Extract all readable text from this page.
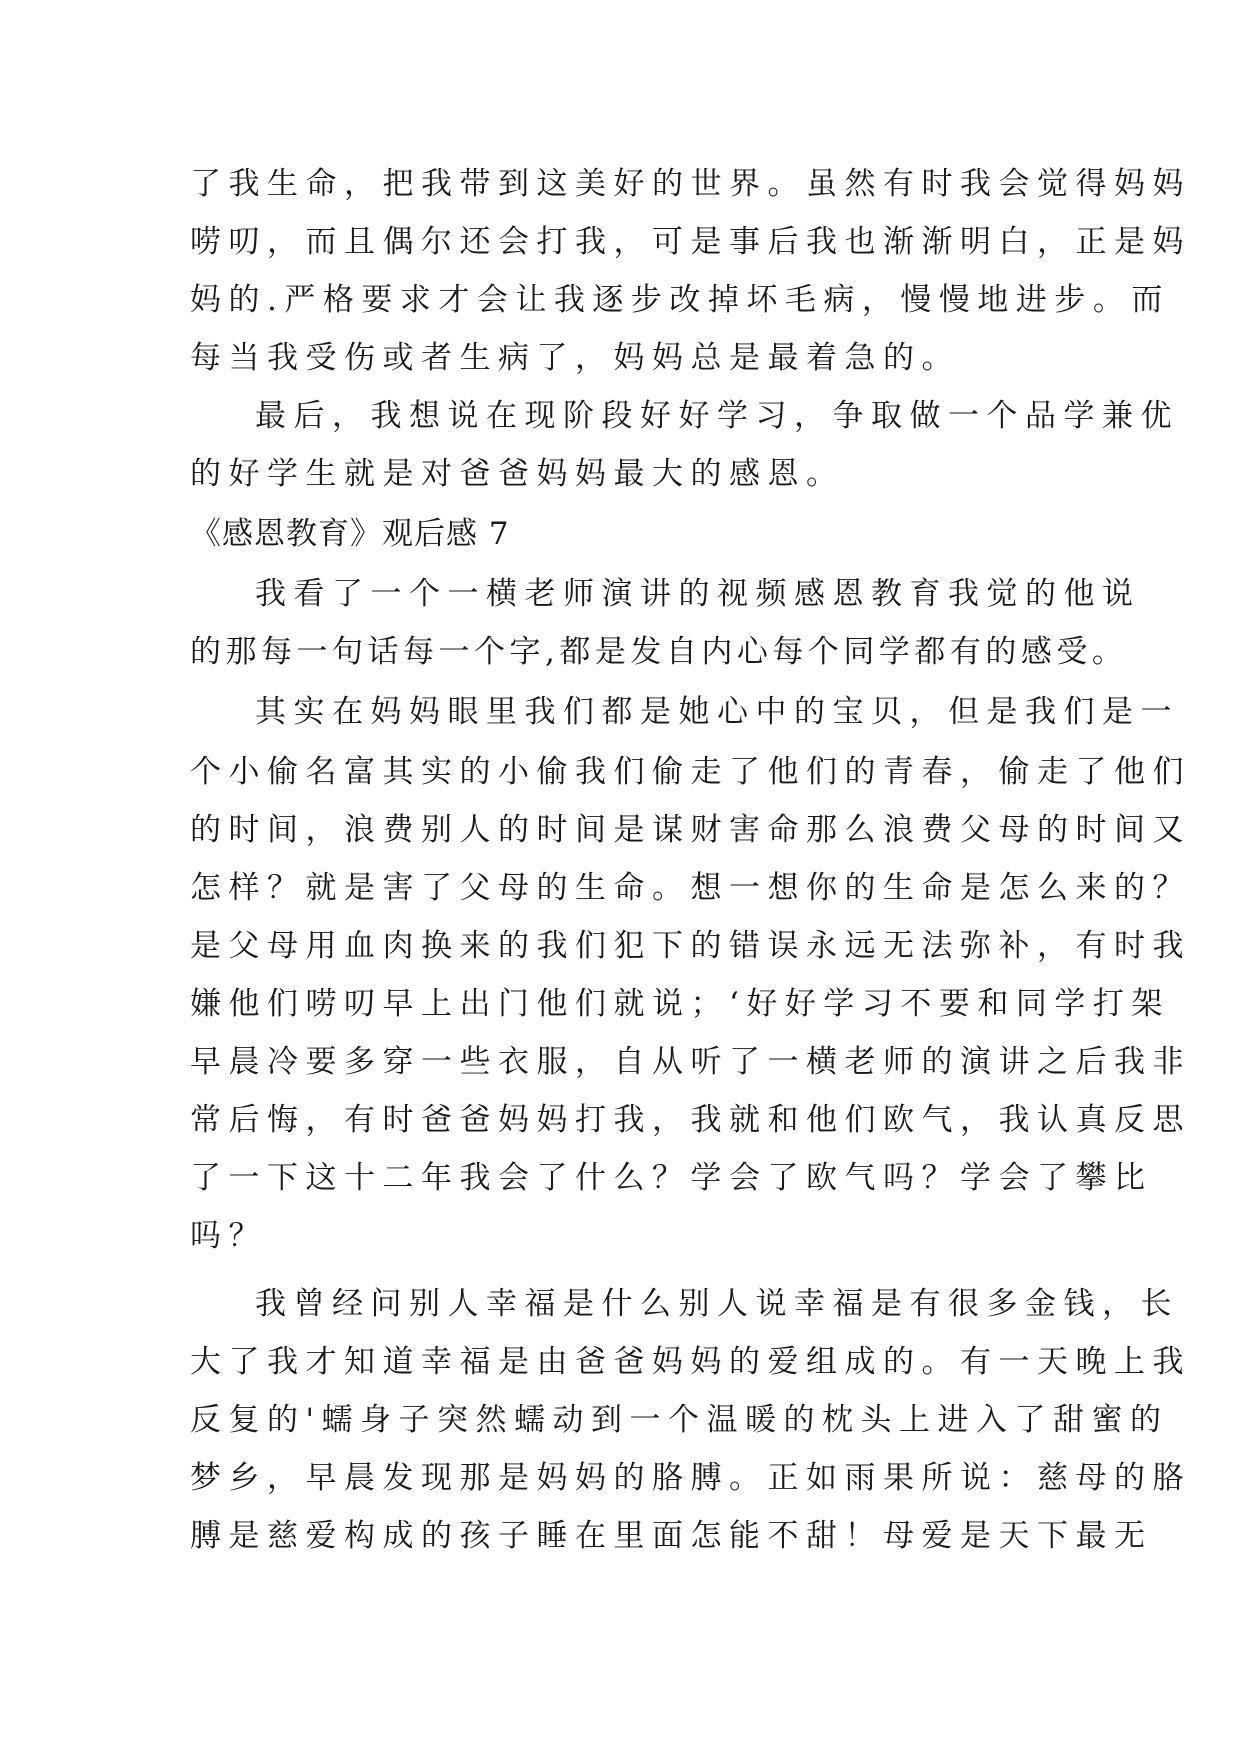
了我生命，把我带到这美好的世界。虽然有时我会觉得妈妈
唠叨，而且偶尔还会打我，可是事后我也渐渐明白，正是妈
妈的.严格要求才会让我逐步改掉坏毛病，慢慢地进步。而
每当我受伤或者生病了，妈妈总是最着急的。
最后，我想说在现阶段好好学习，争取做一个品学兼优
的好学生就是对爸爸妈妈最大的感恩。
《感恩教育》观后感 7
我看了一个一横老师演讲的视频感恩教育我觉的他说
的那每一句话每一个字,都是发自内心每个同学都有的感受。
其实在妈妈眼里我们都是她心中的宝贝，但是我们是一
个小偷名富其实的小偷我们偷走了他们的青春，偷走了他们
的时间，浪费别人的时间是谋财害命那么浪费父母的时间又
怎样？就是害了父母的生命。想一想你的生命是怎么来的？
是父母用血肉换来的我们犯下的错误永远无法弥补，有时我
嫌他们唠叨早上出门他们就说；‘好好学习不要和同学打架
早晨冷要多穿一些衣服，自从听了一横老师的演讲之后我非
常后悔，有时爸爸妈妈打我，我就和他们欧气，我认真反思
了一下这十二年我会了什么？学会了欧气吗？学会了攀比
吗？
我曾经问别人幸福是什么别人说幸福是有很多金钱，长
大了我才知道幸福是由爸爸妈妈的爱组成的。有一天晚上我
反复的'蠕身子突然蠕动到一个温暖的枕头上进入了甜蜜的
梦乡，早晨发现那是妈妈的胳膊。正如雨果所说：慈母的胳
膊是慈爱构成的孩子睡在里面怎能不甜！母爱是天下最无
